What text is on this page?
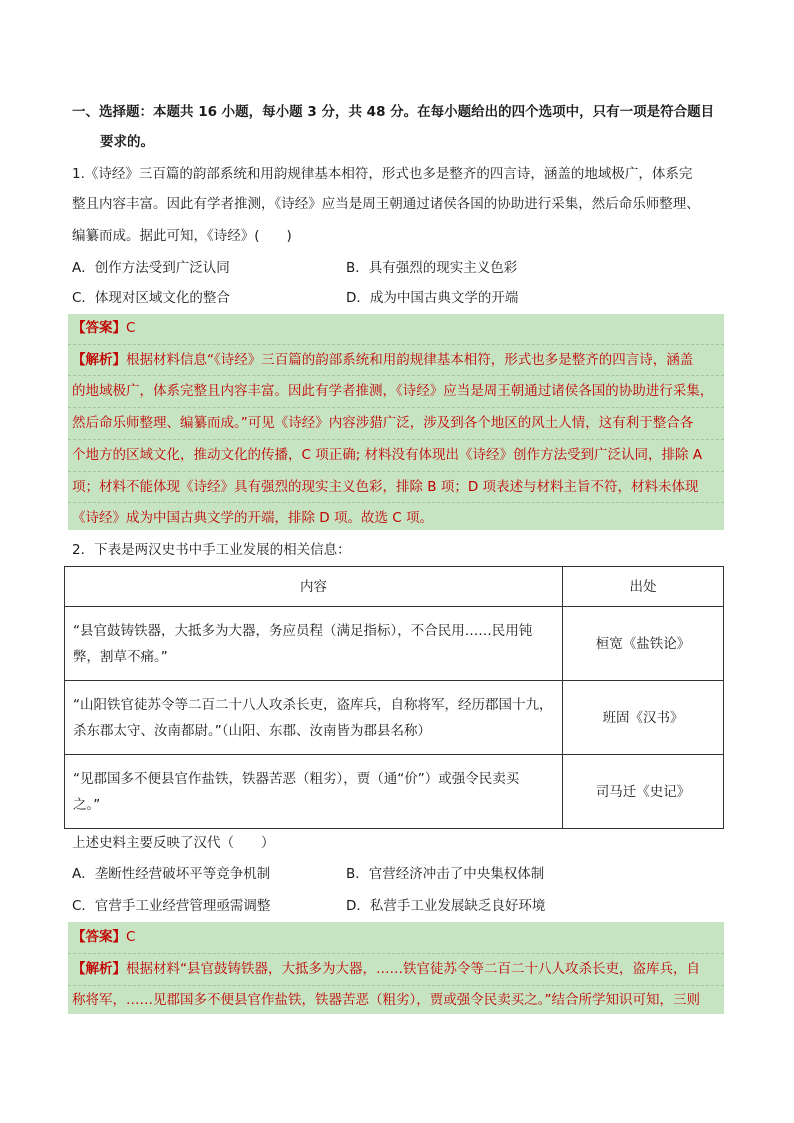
一、选择题：本题共 16 小题，每小题 3 分，共 48 分。在每小题给出的四个选项中，只有一项是符合题目
要求的。
1.《诗经》三百篇的韵部系统和用韵规律基本相符，形式也多是整齐的四言诗，涵盖的地域极广，体系完
整且内容丰富。因此有学者推测，《诗经》应当是周王朝通过诸侯各国的协助进行采集，然后命乐师整理、
编纂而成。据此可知，《诗经》(　　)
A．创作方法受到广泛认同	B．具有强烈的现实主义色彩
C．体现对区域文化的整合	D．成为中国古典文学的开端
【答案】C
【解析】根据材料信息“《诗经》三百篇的韵部系统和用韵规律基本相符，形式也多是整齐的四言诗，涵盖
的地域极广，体系完整且内容丰富。因此有学者推测，《诗经》应当是周王朝通过诸侯各国的协助进行采集，
然后命乐师整理、编纂而成。”可见《诗经》内容涉猎广泛，涉及到各个地区的风土人情，这有利于整合各
个地方的区域文化，推动文化的传播，C 项正确; 材料没有体现出《诗经》创作方法受到广泛认同，排除 A
项；材料不能体现《诗经》具有强烈的现实主义色彩，排除 B 项；D 项表述与材料主旨不符，材料未体现
《诗经》成为中国古典文学的开端，排除 D 项。故选 C 项。
2．下表是两汉史书中手工业发展的相关信息：
内容	出处

“县官鼓铸铁器，大抵多为大器，务应员程（满足指标），不合民用……民用钝
弊，割草不痛。”	桓宽《盐铁论》

“山阳铁官徒苏令等二百二十八人攻杀长吏，盗库兵，自称将军，经历郡国十九，
杀东郡太守、汝南都尉。”（山阳、东郡、汝南皆为郡县名称）	班固《汉书》

“见郡国多不便县官作盐铁，铁器苦恶（粗劣），贾（通“价”）或强令民卖买
之。”	司马迁《史记》
上述史料主要反映了汉代（　　）
A．垄断性经营破坏平等竞争机制	B．官营经济冲击了中央集权体制
C．官营手工业经营管理亟需调整	D．私营手工业发展缺乏良好环境
【答案】C
【解析】根据材料“县官鼓铸铁器，大抵多为大器，……铁官徒苏令等二百二十八人攻杀长吏，盗库兵，自
称将军，……见郡国多不便县官作盐铁，铁器苦恶（粗劣），贾或强令民卖买之。”结合所学知识可知，三则
